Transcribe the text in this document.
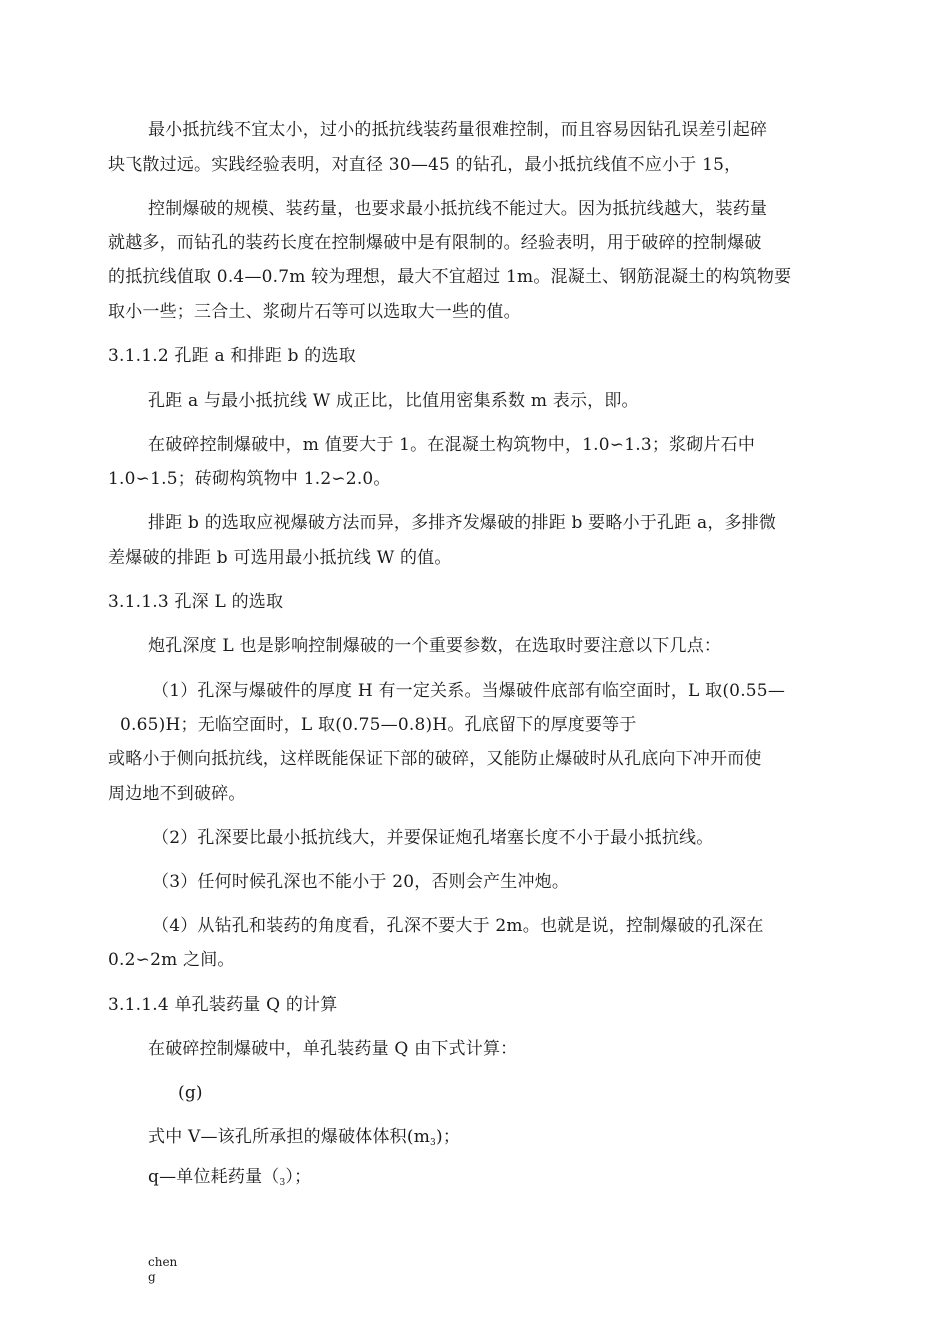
最小抵抗线不宜太小，过小的抵抗线装药量很难控制，而且容易因钻孔误差引起碎
块飞散过远。实践经验表明，对直径 30—45 的钻孔，最小抵抗线值不应小于 15，
控制爆破的规模、装药量，也要求最小抵抗线不能过大。因为抵抗线越大，装药量
就越多，而钻孔的装药长度在控制爆破中是有限制的。经验表明，用于破碎的控制爆破
的抵抗线值取 0.4—0.7m 较为理想，最大不宜超过 1m。混凝土、钢筋混凝土的构筑物要
取小一些；三合土、浆砌片石等可以选取大一些的值。
3.1.1.2 孔距 a 和排距 b 的选取
孔距 a 与最小抵抗线 W 成正比，比值用密集系数 m 表示，即。
在破碎控制爆破中，m 值要大于 1。在混凝土构筑物中，1.0∽1.3；浆砌片石中
1.0∽1.5；砖砌构筑物中 1.2∽2.0。
排距 b 的选取应视爆破方法而异，多排齐发爆破的排距 b 要略小于孔距 a，多排微
差爆破的排距 b 可选用最小抵抗线 W 的值。
3.1.1.3 孔深 L 的选取
炮孔深度 L 也是影响控制爆破的一个重要参数，在选取时要注意以下几点：
（1）孔深与爆破件的厚度 H 有一定关系。当爆破件底部有临空面时，L 取(0.55—
0.65)H；无临空面时，L 取(0.75—0.8)H。孔底留下的厚度要等于
或略小于侧向抵抗线，这样既能保证下部的破碎，又能防止爆破时从孔底向下冲开而使
周边地不到破碎。
（2）孔深要比最小抵抗线大，并要保证炮孔堵塞长度不小于最小抵抗线。
（3）任何时候孔深也不能小于 20，否则会产生冲炮。
（4）从钻孔和装药的角度看，孔深不要大于 2m。也就是说，控制爆破的孔深在
0.2∽2m 之间。
3.1.1.4 单孔装药量 Q 的计算
在破碎控制爆破中，单孔装药量 Q 由下式计算：
(g)
式中 V—该孔所承担的爆破体体积(m3)；
q—单位耗药量（3）；
chen
g
